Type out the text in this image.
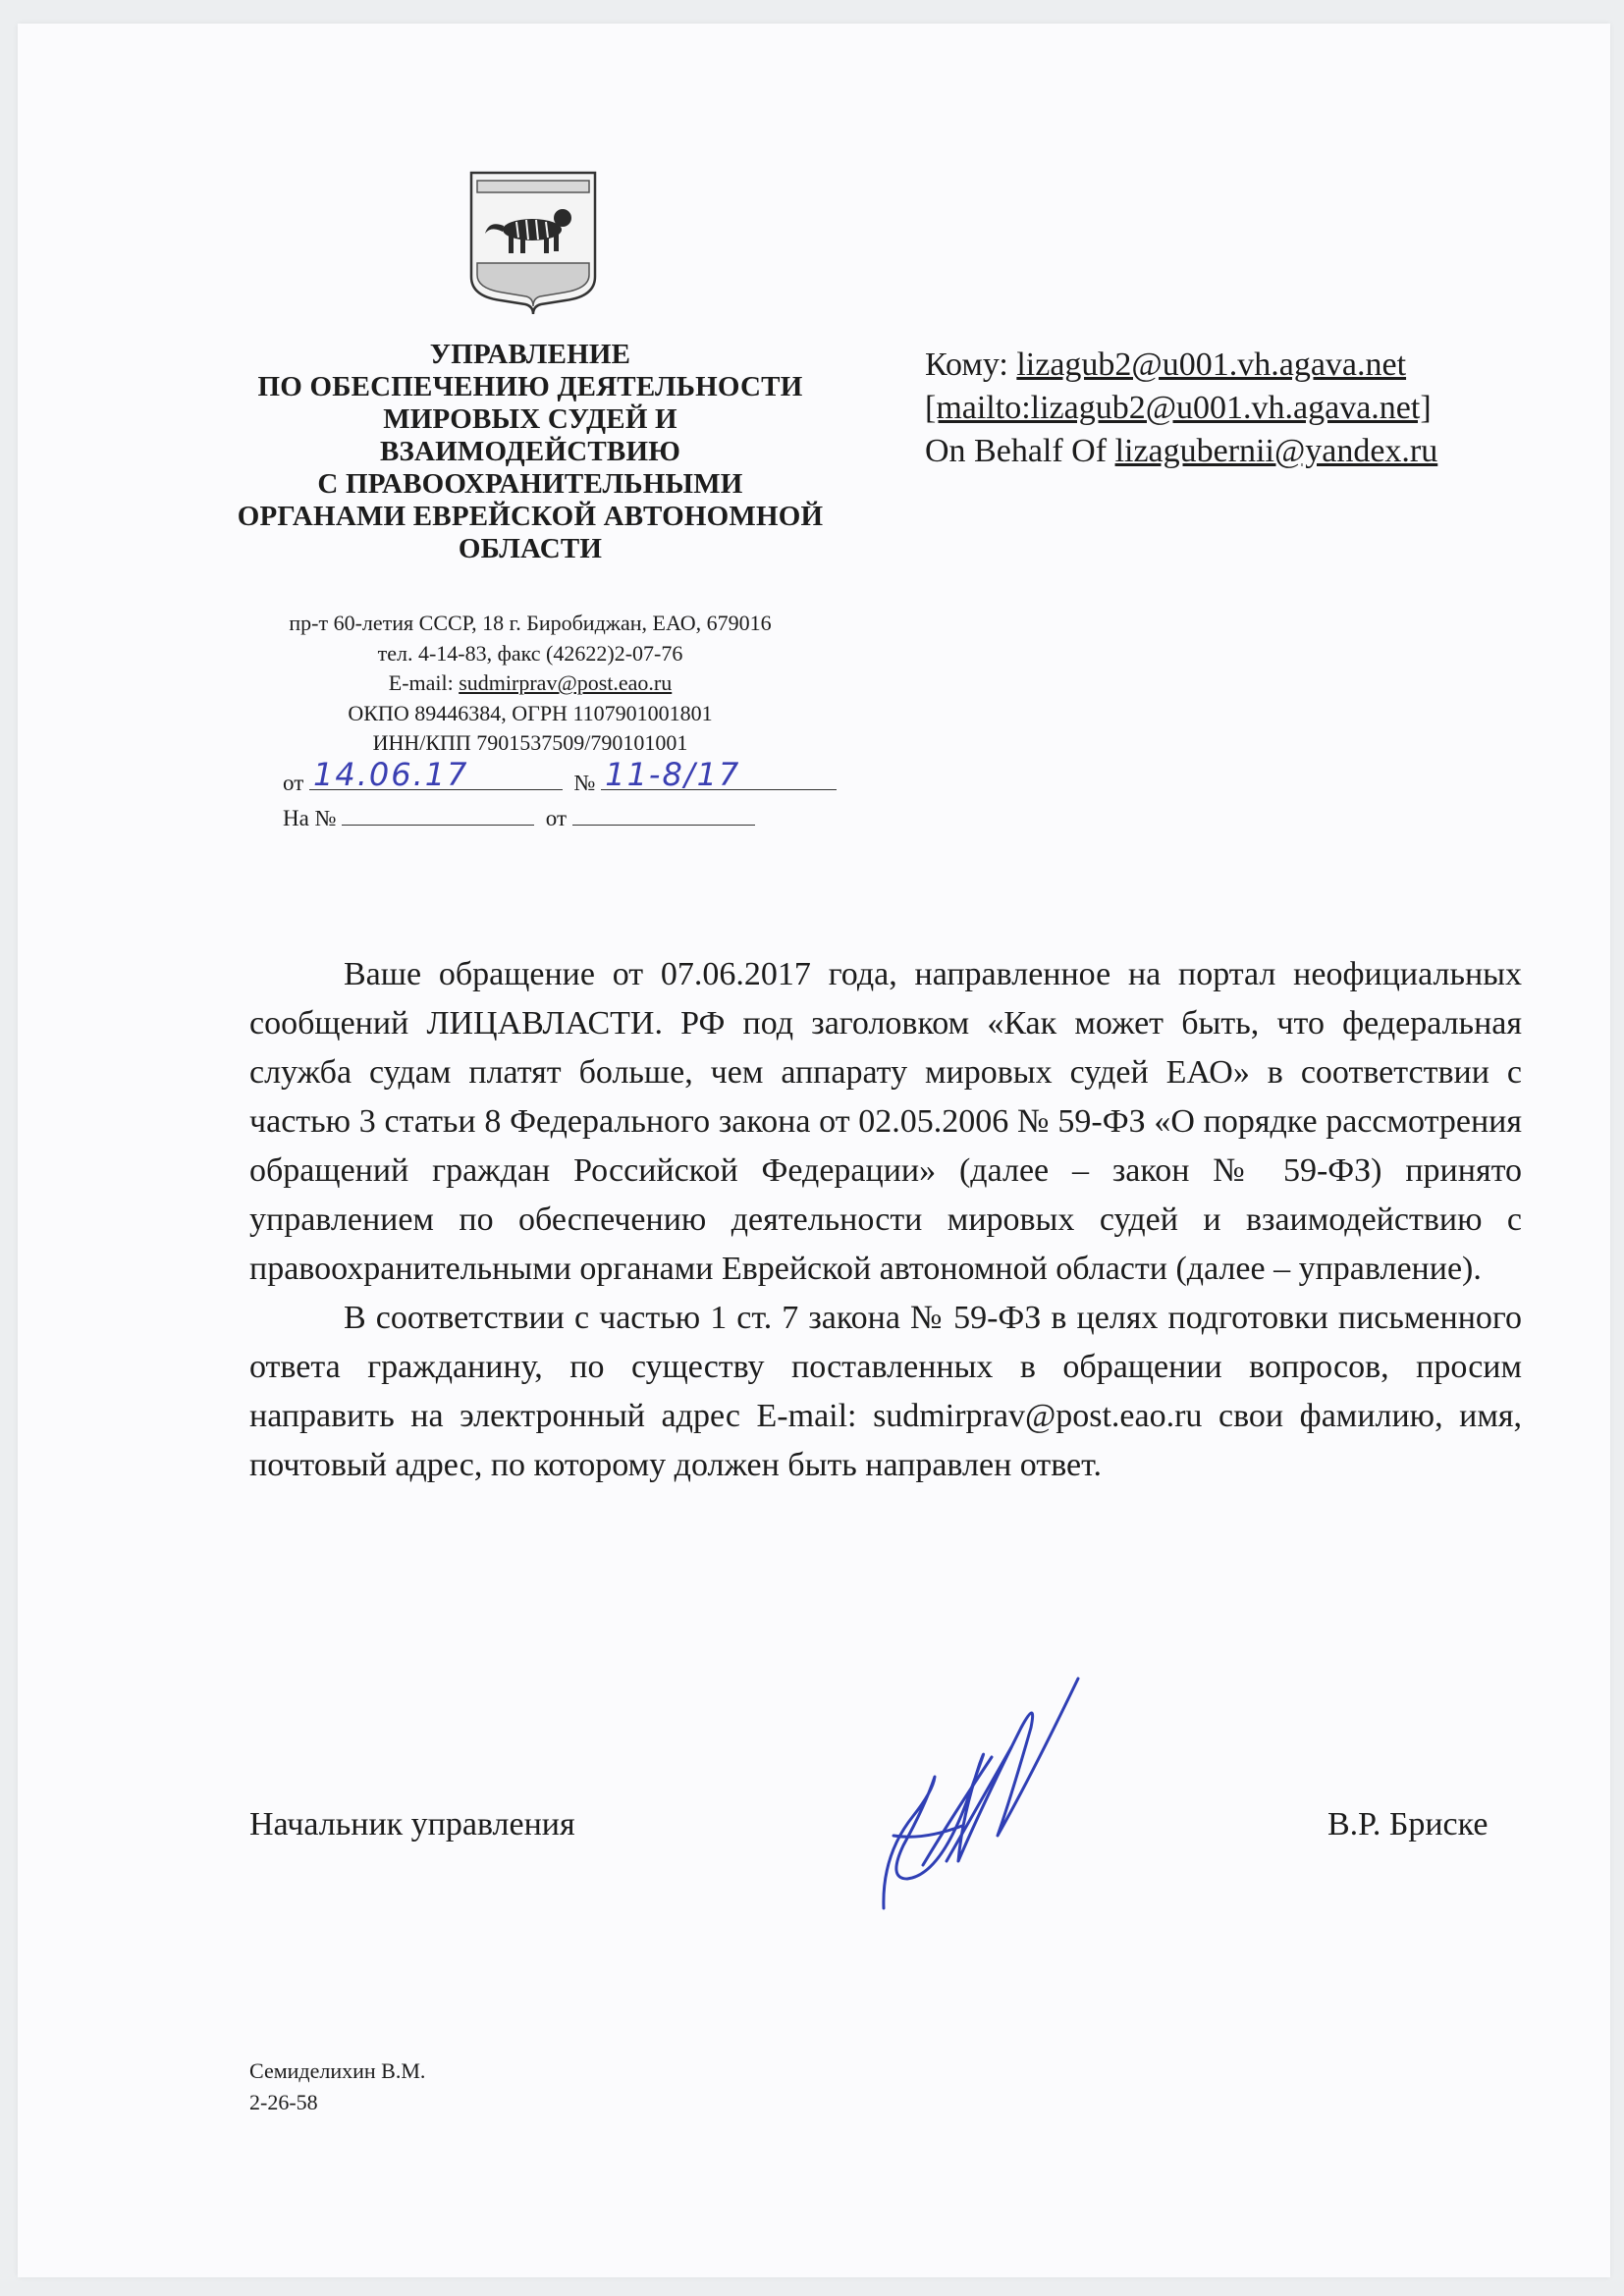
УПРАВЛЕНИЕ
ПО ОБЕСПЕЧЕНИЮ ДЕЯТЕЛЬНОСТИ
МИРОВЫХ СУДЕЙ И
ВЗАИМОДЕЙСТВИЮ
С ПРАВООХРАНИТЕЛЬНЫМИ
ОРГАНАМИ ЕВРЕЙСКОЙ АВТОНОМНОЙ
ОБЛАСТИ
пр-т 60-летия СССР, 18 г. Биробиджан, ЕАО, 679016
тел. 4-14-83, факс (42622)2-07-76
E-mail: sudmirprav@post.eao.ru
ОКПО 89446384, ОГРН 1107901001801
ИНН/КПП 7901537509/790101001
от 14.06.17	№ 11-8/17
На №	от
Кому: lizagub2@u001.vh.agava.net
[mailto:lizagub2@u001.vh.agava.net]
On Behalf Of lizagubernii@yandex.ru

Ваше обращение от 07.06.2017 года, направленное на портал неофициальных сообщений ЛИЦАВЛАСТИ. РФ под заголовком «Как может быть, что федеральная служба судам платят больше, чем аппарату мировых судей ЕАО» в соответствии с частью 3 статьи 8 Федерального закона от 02.05.2006 № 59-ФЗ «О порядке рассмотрения обращений граждан Российской Федерации» (далее – закон № 59-ФЗ) принято управлением по обеспечению деятельности мировых судей и взаимодействию с правоохранительными органами Еврейской автономной области (далее – управление).

В соответствии с частью 1 ст. 7 закона № 59-ФЗ в целях подготовки письменного ответа гражданину, по существу поставленных в обращении вопросов, просим направить на электронный адрес E-mail: sudmirprav@post.eao.ru свои фамилию, имя, почтовый адрес, по которому должен быть направлен ответ.

Начальник управления	В.Р. Бриске
Семиделихин В.М.
2-26-58
